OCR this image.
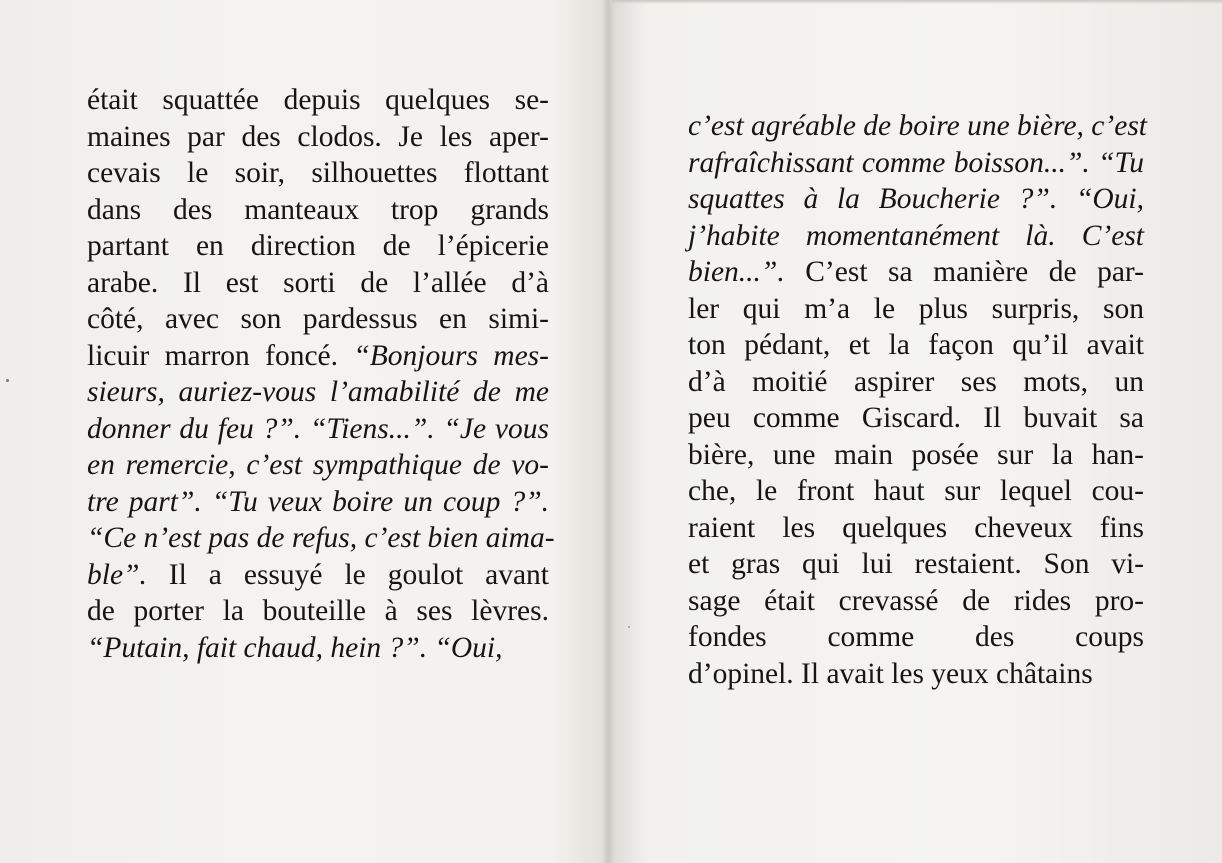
était squattée depuis quelques se-
maines par des clodos. Je les aper-
cevais le soir, silhouettes flottant
dans des manteaux trop grands
partant en direction de l’épicerie
arabe. Il est sorti de l’allée d’à
côté, avec son pardessus en simi-
licuir marron foncé. “Bonjours mes-
sieurs, auriez-vous l’amabilité de me
donner du feu ?”. “Tiens...”. “Je vous
en remercie, c’est sympathique de vo-
tre part”. “Tu veux boire un coup ?”.
“Ce n’est pas de refus, c’est bien aima-
ble”. Il a essuyé le goulot avant
de porter la bouteille à ses lèvres.
“Putain, fait chaud, hein ?”. “Oui,
c’est agréable de boire une bière, c’est
rafraîchissant comme boisson...”. “Tu
squattes à la Boucherie ?”. “Oui,
j’habite momentanément là. C’est
bien...”. C’est sa manière de par-
ler qui m’a le plus surpris, son
ton pédant, et la façon qu’il avait
d’à moitié aspirer ses mots, un
peu comme Giscard. Il buvait sa
bière, une main posée sur la han-
che, le front haut sur lequel cou-
raient les quelques cheveux fins
et gras qui lui restaient. Son vi-
sage était crevassé de rides pro-
fondes comme des coups
d’opinel. Il avait les yeux châtains
